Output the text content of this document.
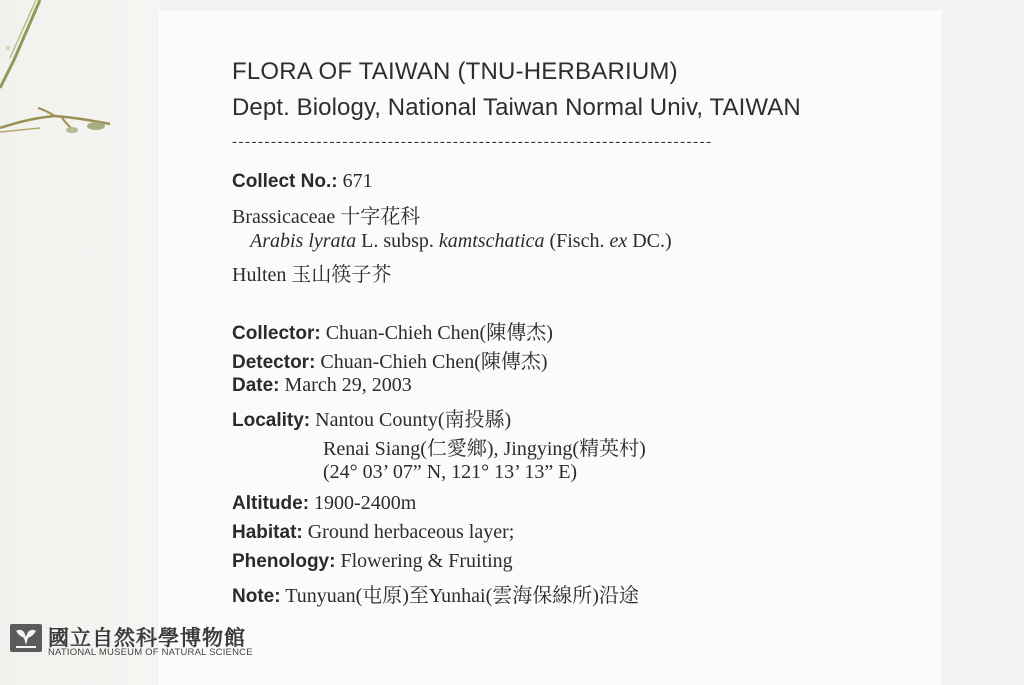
FLORA OF TAIWAN (TNU-HERBARIUM)
Dept. Biology, National Taiwan Normal Univ, TAIWAN
--------------------------------------------------------------------------
Collect No.: 671
Brassicaceae 十字花科
Arabis lyrata L. subsp. kamtschatica (Fisch. ex DC.)
Hulten 玉山筷子芥
Collector: Chuan-Chieh Chen(陳傳杰)
Detector: Chuan-Chieh Chen(陳傳杰)
Date: March 29, 2003
Locality: Nantou County(南投縣)
Renai Siang(仁愛鄉), Jingying(精英村)
(24° 03’ 07” N, 121° 13’ 13” E)
Altitude: 1900-2400m
Habitat: Ground herbaceous layer;
Phenology: Flowering & Fruiting
Note: Tunyuan(屯原)至Yunhai(雲海保線所)沿途
國立自然科學博物館
NATIONAL MUSEUM OF NATURAL SCIENCE
